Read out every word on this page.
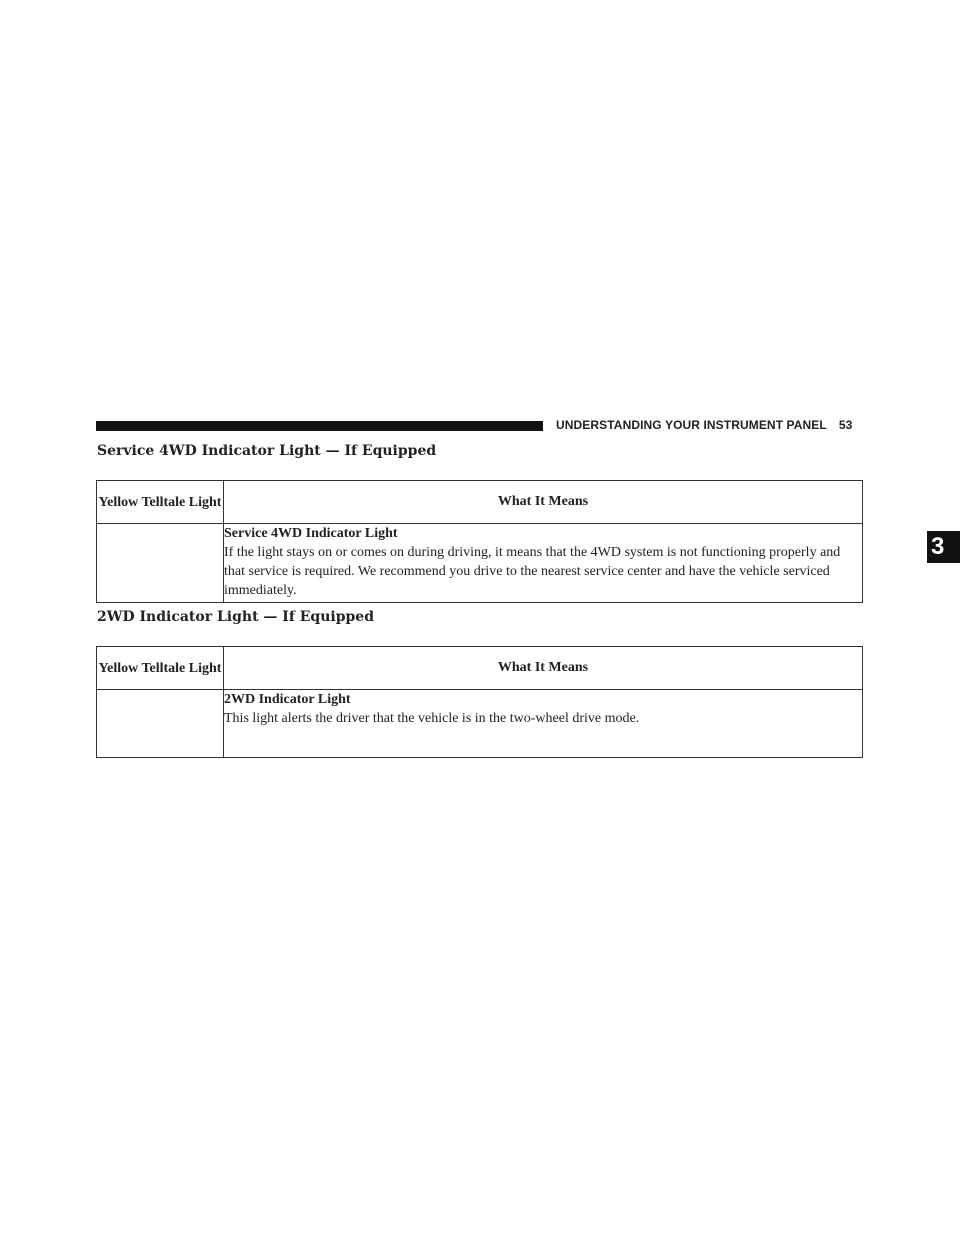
UNDERSTANDING YOUR INSTRUMENT PANEL 53
3
Service 4WD Indicator Light — If Equipped
Yellow Telltale Light	What It Means

	Service 4WD Indicator Light
If the light stays on or comes on during driving, it means that the 4WD system is not functioning properly and that service is required. We recommend you drive to the nearest service center and have the vehicle serviced immediately.
2WD Indicator Light — If Equipped
Yellow Telltale Light	What It Means

	2WD Indicator Light
This light alerts the driver that the vehicle is in the two-wheel drive mode.
